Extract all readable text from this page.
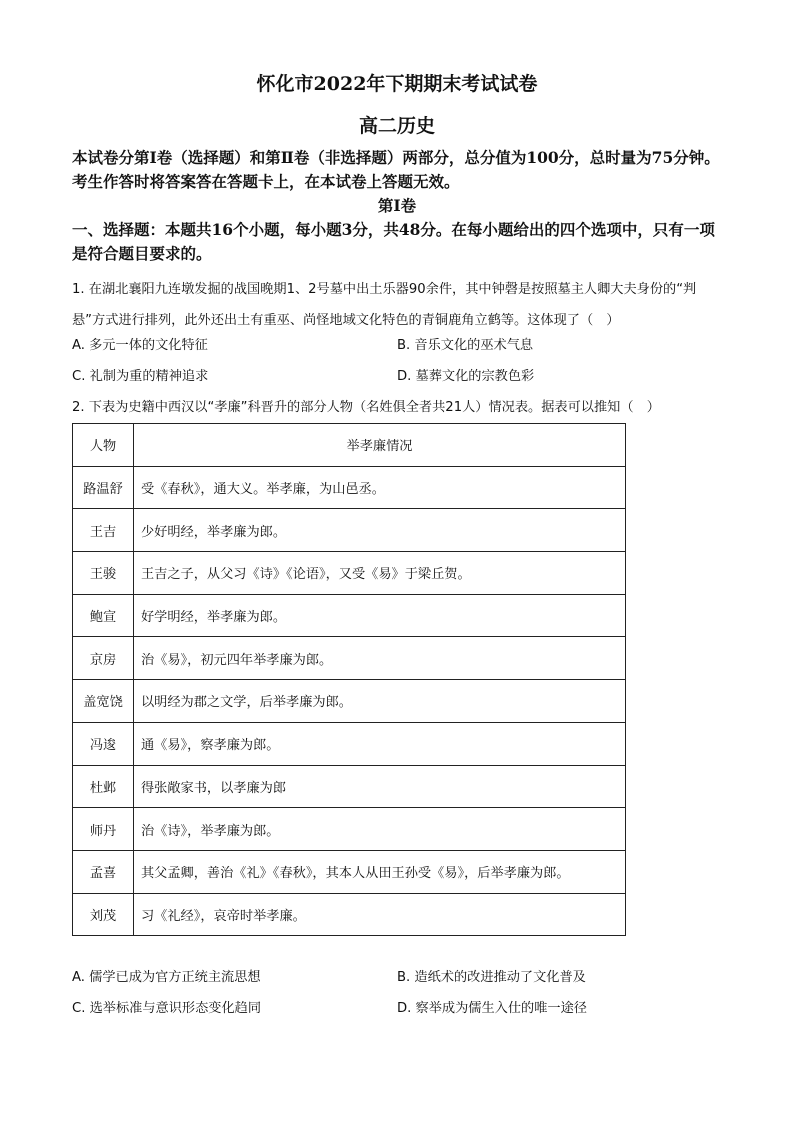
怀化市2022年下期期末考试试卷
高二历史
本试卷分第Ⅰ卷（选择题）和第Ⅱ卷（非选择题）两部分，总分值为100分，总时量为75分钟。考生作答时将答案答在答题卡上，在本试卷上答题无效。
第Ⅰ卷
一、选择题：本题共16个小题，每小题3分，共48分。在每小题给出的四个选项中，只有一项是符合题目要求的。
1. 在湖北襄阳九连墩发掘的战国晚期1、2号墓中出土乐器90余件，其中钟磬是按照墓主人卿大夫身份的“判悬”方式进行排列，此外还出土有重巫、尚怪地域文化特色的青铜鹿角立鹤等。这体现了（　）
A. 多元一体的文化特征	B. 音乐文化的巫术气息
C. 礼制为重的精神追求	D. 墓葬文化的宗教色彩
2. 下表为史籍中西汉以“孝廉”科晋升的部分人物（名姓俱全者共21人）情况表。据表可以推知（　）
人物	举孝廉情况
路温舒	受《春秋》，通大义。举孝廉，为山邑丞。
王吉	少好明经，举孝廉为郎。
王骏	王吉之子，从父习《诗》《论语》，又受《易》于梁丘贺。
鲍宣	好学明经，举孝廉为郎。
京房	治《易》，初元四年举孝廉为郎。
盖宽饶	以明经为郡之文学，后举孝廉为郎。
冯逡	通《易》，察孝廉为郎。
杜邺	得张敞家书，以孝廉为郎
师丹	治《诗》，举孝廉为郎。
孟喜	其父孟卿，善治《礼》《春秋》，其本人从田王孙受《易》，后举孝廉为郎。
刘茂	习《礼经》，哀帝时举孝廉。
A. 儒学已成为官方正统主流思想	B. 造纸术的改进推动了文化普及
C. 选举标准与意识形态变化趋同	D. 察举成为儒生入仕的唯一途径
